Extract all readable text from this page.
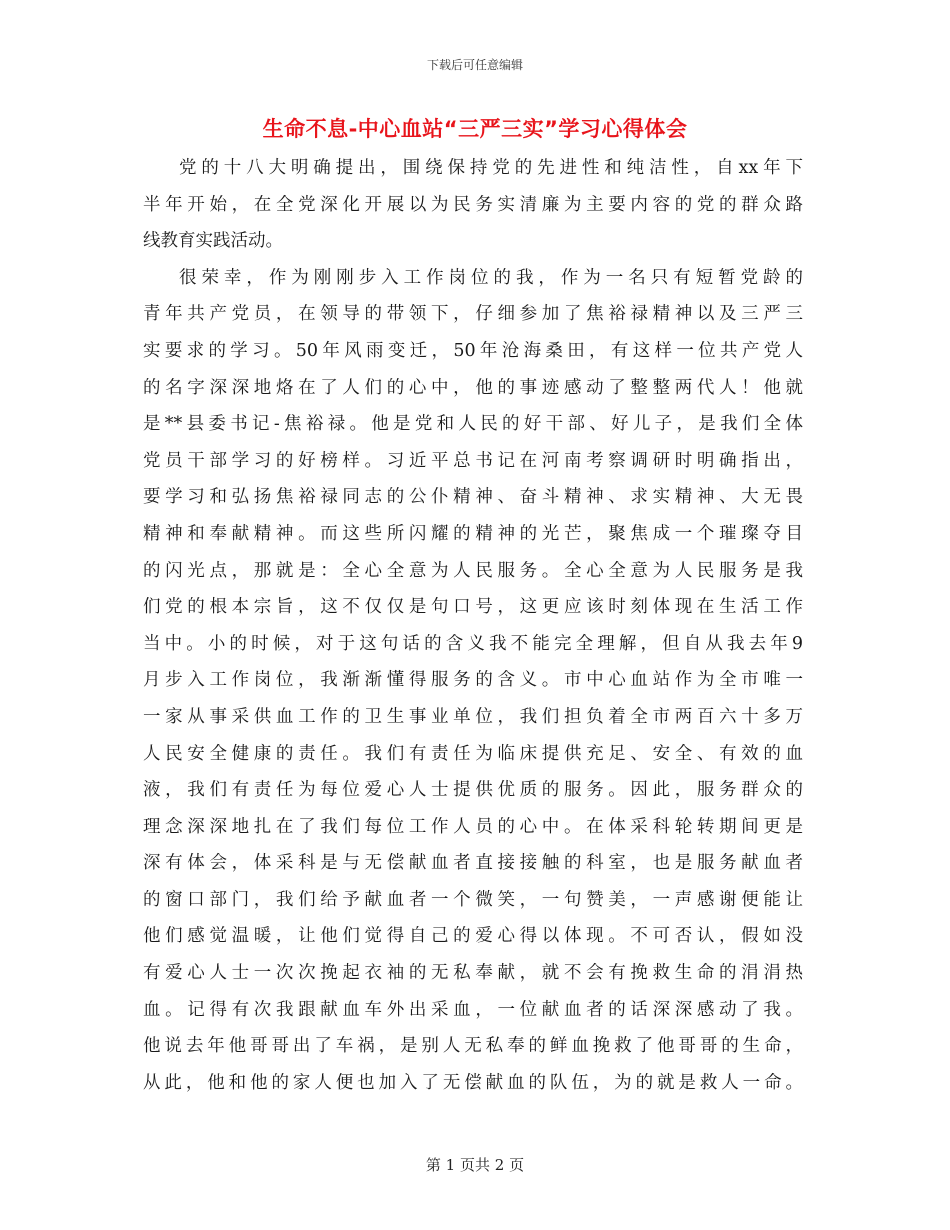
下载后可任意编辑
生命不息-中心血站“三严三实”学习心得体会
党的十八大明确提出，围绕保持党的先进性和纯洁性，自xx年下
半年开始，在全党深化开展以为民务实清廉为主要内容的党的群众路
线教育实践活动。
很荣幸，作为刚刚步入工作岗位的我，作为一名只有短暂党龄的
青年共产党员，在领导的带领下，仔细参加了焦裕禄精神以及三严三
实要求的学习。50年风雨变迁，50年沧海桑田，有这样一位共产党人
的名字深深地烙在了人们的心中，他的事迹感动了整整两代人！他就
是**县委书记-焦裕禄。他是党和人民的好干部、好儿子，是我们全体
党员干部学习的好榜样。习近平总书记在河南考察调研时明确指出，
要学习和弘扬焦裕禄同志的公仆精神、奋斗精神、求实精神、大无畏
精神和奉献精神。而这些所闪耀的精神的光芒，聚焦成一个璀璨夺目
的闪光点，那就是：全心全意为人民服务。全心全意为人民服务是我
们党的根本宗旨，这不仅仅是句口号，这更应该时刻体现在生活工作
当中。小的时候，对于这句话的含义我不能完全理解，但自从我去年9
月步入工作岗位，我渐渐懂得服务的含义。市中心血站作为全市唯一
一家从事采供血工作的卫生事业单位，我们担负着全市两百六十多万
人民安全健康的责任。我们有责任为临床提供充足、安全、有效的血
液，我们有责任为每位爱心人士提供优质的服务。因此，服务群众的
理念深深地扎在了我们每位工作人员的心中。在体采科轮转期间更是
深有体会，体采科是与无偿献血者直接接触的科室，也是服务献血者
的窗口部门，我们给予献血者一个微笑，一句赞美，一声感谢便能让
他们感觉温暖，让他们觉得自己的爱心得以体现。不可否认，假如没
有爱心人士一次次挽起衣袖的无私奉献，就不会有挽救生命的涓涓热
血。记得有次我跟献血车外出采血，一位献血者的话深深感动了我。
他说去年他哥哥出了车祸，是别人无私奉的鲜血挽救了他哥哥的生命，
从此，他和他的家人便也加入了无偿献血的队伍，为的就是救人一命。
第 1 页共 2 页
